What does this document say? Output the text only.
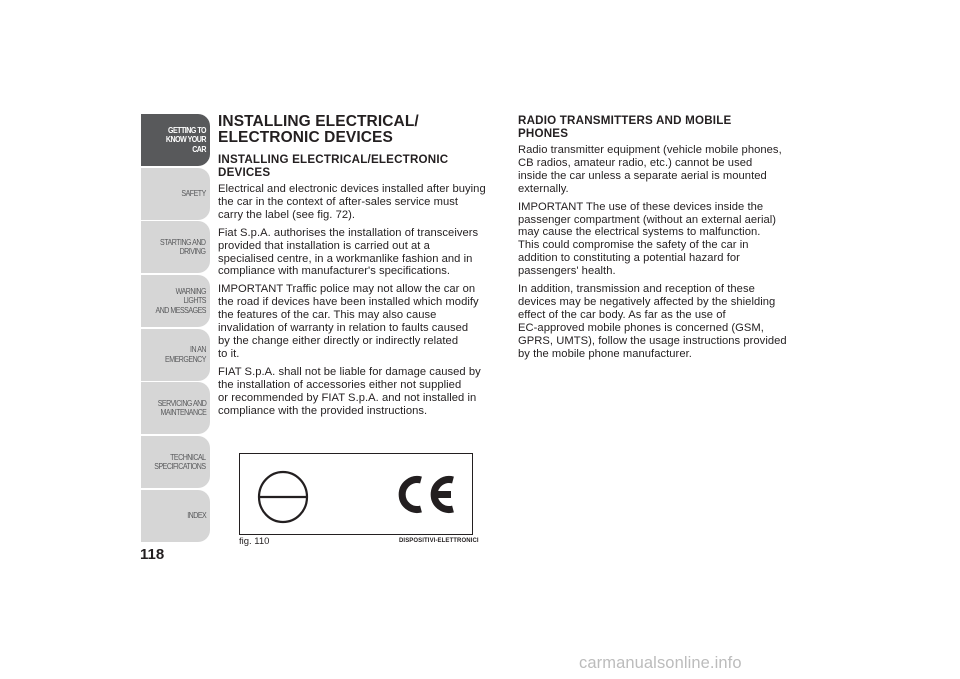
GETTING TO
KNOW YOUR CAR
SAFETY
STARTING AND
DRIVING
WARNING LIGHTS
AND MESSAGES
IN AN EMERGENCY
SERVICING AND
MAINTENANCE
TECHNICAL
SPECIFICATIONS
INDEX
118
INSTALLING ELECTRICAL/
ELECTRONIC DEVICES
INSTALLING ELECTRICAL/ELECTRONIC
DEVICES

Electrical and electronic devices installed after buying
the car in the context of after-sales service must
carry the label (see fig. 72).

Fiat S.p.A. authorises the installation of transceivers
provided that installation is carried out at a
specialised centre, in a workmanlike fashion and in
compliance with manufacturer's specifications.

IMPORTANT Traffic police may not allow the car on
the road if devices have been installed which modify
the features of the car. This may also cause
invalidation of warranty in relation to faults caused
by the change either directly or indirectly related
to it.

FIAT S.p.A. shall not be liable for damage caused by
the installation of accessories either not supplied
or recommended by FIAT S.p.A. and not installed in
compliance with the provided instructions.

RADIO TRANSMITTERS AND MOBILE
PHONES

Radio transmitter equipment (vehicle mobile phones,
CB radios, amateur radio, etc.) cannot be used
inside the car unless a separate aerial is mounted
externally.

IMPORTANT The use of these devices inside the
passenger compartment (without an external aerial)
may cause the electrical systems to malfunction.
This could compromise the safety of the car in
addition to constituting a potential hazard for
passengers' health.

In addition, transmission and reception of these
devices may be negatively affected by the shielding
effect of the car body. As far as the use of
EC-approved mobile phones is concerned (GSM,
GPRS, UMTS), follow the usage instructions provided
by the mobile phone manufacturer.

fig. 110	DISPOSITIVI-ELETTRONICI
carmanualsonline.info
